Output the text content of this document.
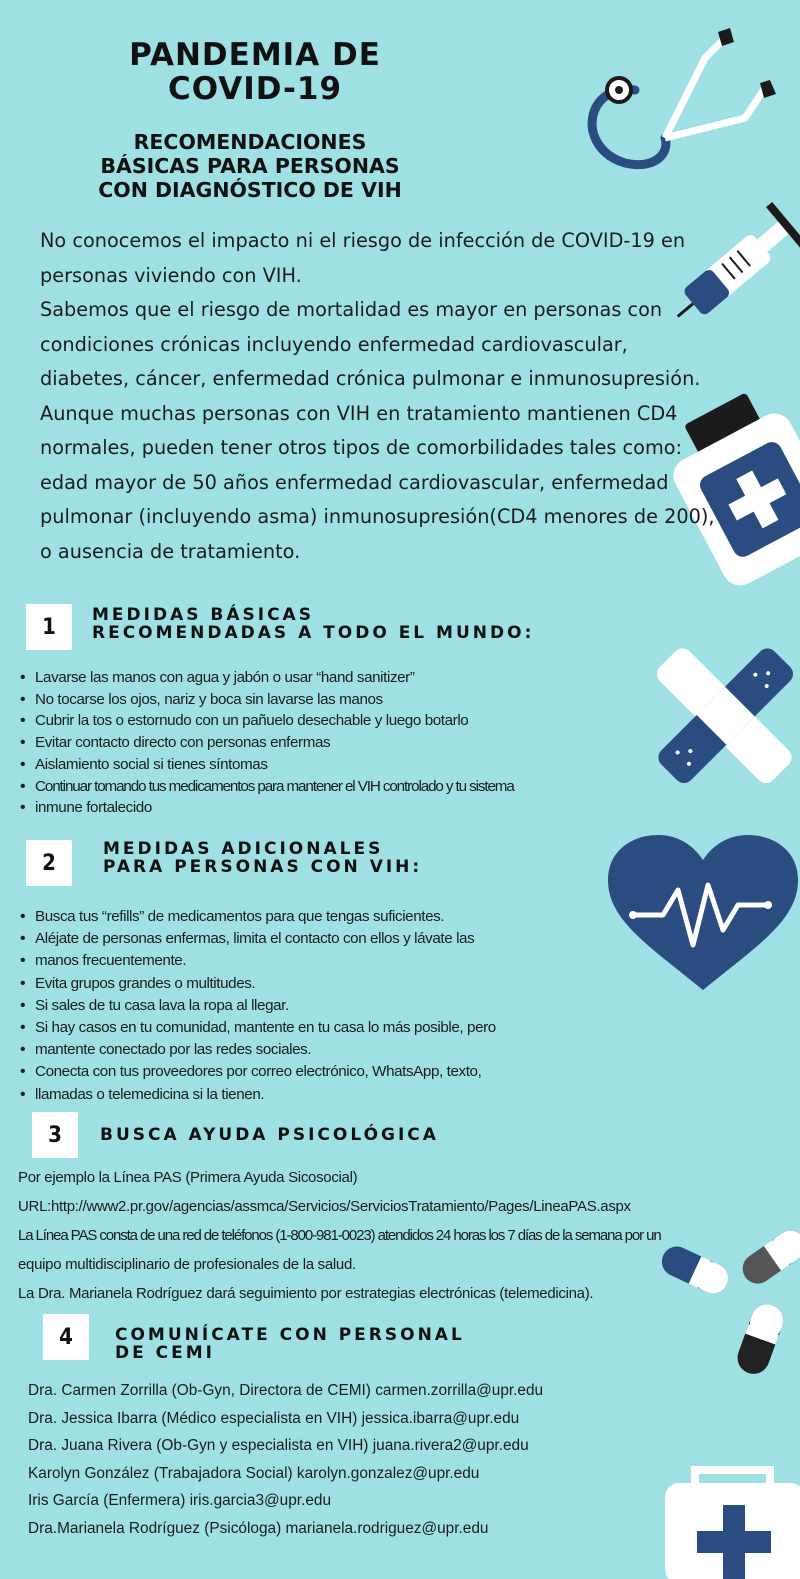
PANDEMIA DE
COVID-19
RECOMENDACIONES
BÁSICAS PARA PERSONAS
CON DIAGNÓSTICO DE VIH

No conocemos el impacto ni el riesgo de infección de COVID-19 en

personas viviendo con VIH.

Sabemos que el riesgo de mortalidad es mayor en personas con

condiciones crónicas incluyendo enfermedad cardiovascular,

diabetes, cáncer, enfermedad crónica pulmonar e inmunosupresión.

Aunque muchas personas con VIH en tratamiento mantienen CD4

normales, pueden tener otros tipos de comorbilidades tales como:

edad mayor de 50 años enfermedad cardiovascular, enfermedad

pulmonar (incluyendo asma) inmunosupresión(CD4 menores de 200),

o ausencia de tratamiento.

1	MEDIDAS BÁSICAS
RECOMENDADAS A TODO EL MUNDO:
• Lavarse las manos con agua y jabón o usar “hand sanitizer”
• No tocarse los ojos, nariz y boca sin lavarse las manos
• Cubrir la tos o estornudo con un pañuelo desechable y luego botarlo
• Evitar contacto directo con personas enfermas
• Aislamiento social si tienes síntomas
• Continuar tomando tus medicamentos para mantener el VIH controlado y tu sistema
• inmune fortalecido
2
MEDIDAS ADICIONALES
PARA PERSONAS CON VIH:
• Busca tus “refills” de medicamentos para que tengas suficientes.
• Aléjate de personas enfermas, limita el contacto con ellos y lávate las
• manos frecuentemente.
• Evita grupos grandes o multitudes.
• Si sales de tu casa lava la ropa al llegar.
• Si hay casos en tu comunidad, mantente en tu casa lo más posible, pero
• mantente conectado por las redes sociales.
• Conecta con tus proveedores por correo electrónico, WhatsApp, texto,
• llamadas o telemedicina si la tienen.
3	BUSCA AYUDA PSICOLÓGICA
Por ejemplo la Línea PAS (Primera Ayuda Sicosocial)
URL:http://www2.pr.gov/agencias/assmca/Servicios/ServiciosTratamiento/Pages/LineaPAS.aspx
La Línea PAS consta de una red de teléfonos (1-800-981-0023) atendidos 24 horas los 7 días de la semana por un
equipo multidisciplinario de profesionales de la salud.
La Dra. Marianela Rodríguez dará seguimiento por estrategias electrónicas (telemedicina).
4	COMUNÍCATE CON PERSONAL
DE CEMI
Dra. Carmen Zorrilla (Ob-Gyn, Directora de CEMI) carmen.zorrilla@upr.edu
Dra. Jessica Ibarra (Médico especialista en VIH) jessica.ibarra@upr.edu
Dra. Juana Rivera (Ob-Gyn y especialista en VIH) juana.rivera2@upr.edu
Karolyn González (Trabajadora Social) karolyn.gonzalez@upr.edu
Iris García (Enfermera) iris.garcia3@upr.edu
Dra.Marianela Rodríguez (Psicóloga) marianela.rodriguez@upr.edu
